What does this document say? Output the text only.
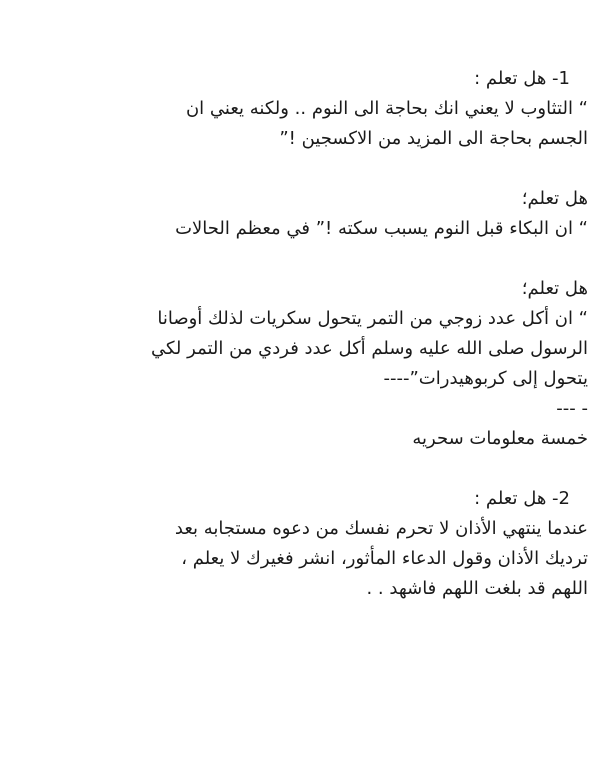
1- هل تعلم :
“ التثاوب لا يعني انك بحاجة الى النوم .. ولكنه يعني ان
الجسم بحاجة الى المزيد من الاكسجين !”
هل تعلم؛
“ ان البكاء قبل النوم يسبب سكته !” في معظم الحالات
هل تعلم؛
“ ان أكل عدد زوجي من التمر يتحول سكريات لذلك أوصانا
الرسول صلى الله عليه وسلم أكل عدد فردي من التمر لكي
يتحول إلى كربوهيدرات”----
- ---
خمسة معلومات سحريه
2- هل تعلم :
عندما ينتهي الأذان لا تحرم نفسك من دعوه مستجابه بعد
ترديك الأذان وقول الدعاء المأثور، انشر فغيرك لا يعلم ،
اللهم قد بلغت اللهم فاشهد . .
